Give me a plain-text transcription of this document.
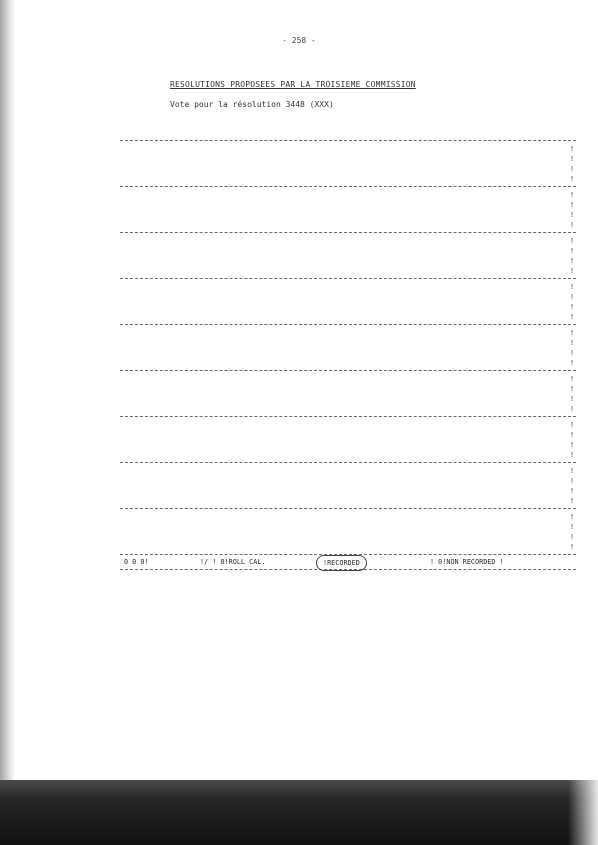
- 258 -
RESOLUTIONS PROPOSEES PAR LA TROISIEME COMMISSION
Vote pour la résolution 3448 (XXX)
!
!
!
!
!
!
!
!
!
!
!
!
!
!
!
!
!
!
!
!
!
!
!
!
!
!
!
!
!
!
!
!
!
!
!
!
0 0 0!	!/ ! 0!ROLL CAL.	!RECORDED	! 0!NON RECORDED !
